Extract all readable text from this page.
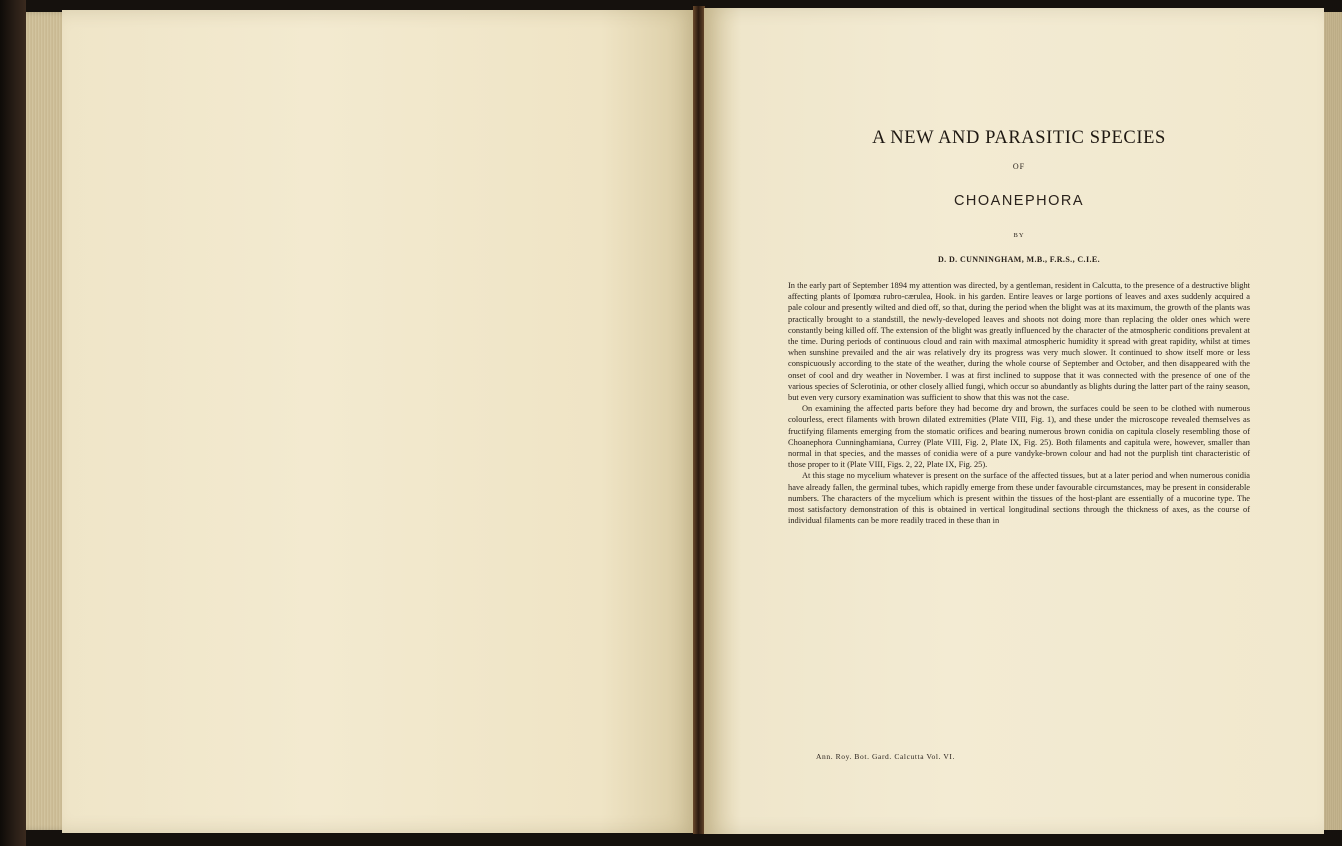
A NEW AND PARASITIC SPECIES
OF
CHOANEPHORA
BY
D. D. CUNNINGHAM, M.B., F.R.S., C.I.E.

In the early part of September 1894 my attention was directed, by a gentleman, resident in Calcutta, to the presence of a destructive blight affecting plants of Ipomœa rubro-cærulea, Hook. in his garden. Entire leaves or large portions of leaves and axes suddenly acquired a pale colour and presently wilted and died off, so that, during the period when the blight was at its maximum, the growth of the plants was practically brought to a standstill, the newly-developed leaves and shoots not doing more than replacing the older ones which were constantly being killed off. The extension of the blight was greatly influenced by the character of the atmospheric conditions prevalent at the time. During periods of continuous cloud and rain with maximal atmospheric humidity it spread with great rapidity, whilst at times when sunshine prevailed and the air was relatively dry its progress was very much slower. It continued to show itself more or less conspicuously according to the state of the weather, during the whole course of September and October, and then disappeared with the onset of cool and dry weather in November. I was at first inclined to suppose that it was connected with the presence of one of the various species of Sclerotinia, or other closely allied fungi, which occur so abundantly as blights during the latter part of the rainy season, but even very cursory examination was sufficient to show that this was not the case.

On examining the affected parts before they had become dry and brown, the surfaces could be seen to be clothed with numerous colourless, erect filaments with brown dilated extremities (Plate VIII, Fig. 1), and these under the microscope revealed themselves as fructifying filaments emerging from the stomatic orifices and bearing numerous brown conidia on capitula closely resembling those of Choanephora Cunninghamiana, Currey (Plate VIII, Fig. 2, Plate IX, Fig. 25). Both filaments and capitula were, however, smaller than normal in that species, and the masses of conidia were of a pure vandyke-brown colour and had not the purplish tint characteristic of those proper to it (Plate VIII, Figs. 2, 22, Plate IX, Fig. 25).

At this stage no mycelium whatever is present on the surface of the affected tissues, but at a later period and when numerous conidia have already fallen, the germinal tubes, which rapidly emerge from these under favourable circumstances, may be present in considerable numbers. The characters of the mycelium which is present within the tissues of the host-plant are essentially of a mucorine type. The most satisfactory demonstration of this is obtained in vertical longitudinal sections through the thickness of axes, as the course of individual filaments can be more readily traced in these than in

Ann. Roy. Bot. Gard. Calcutta Vol. VI.
